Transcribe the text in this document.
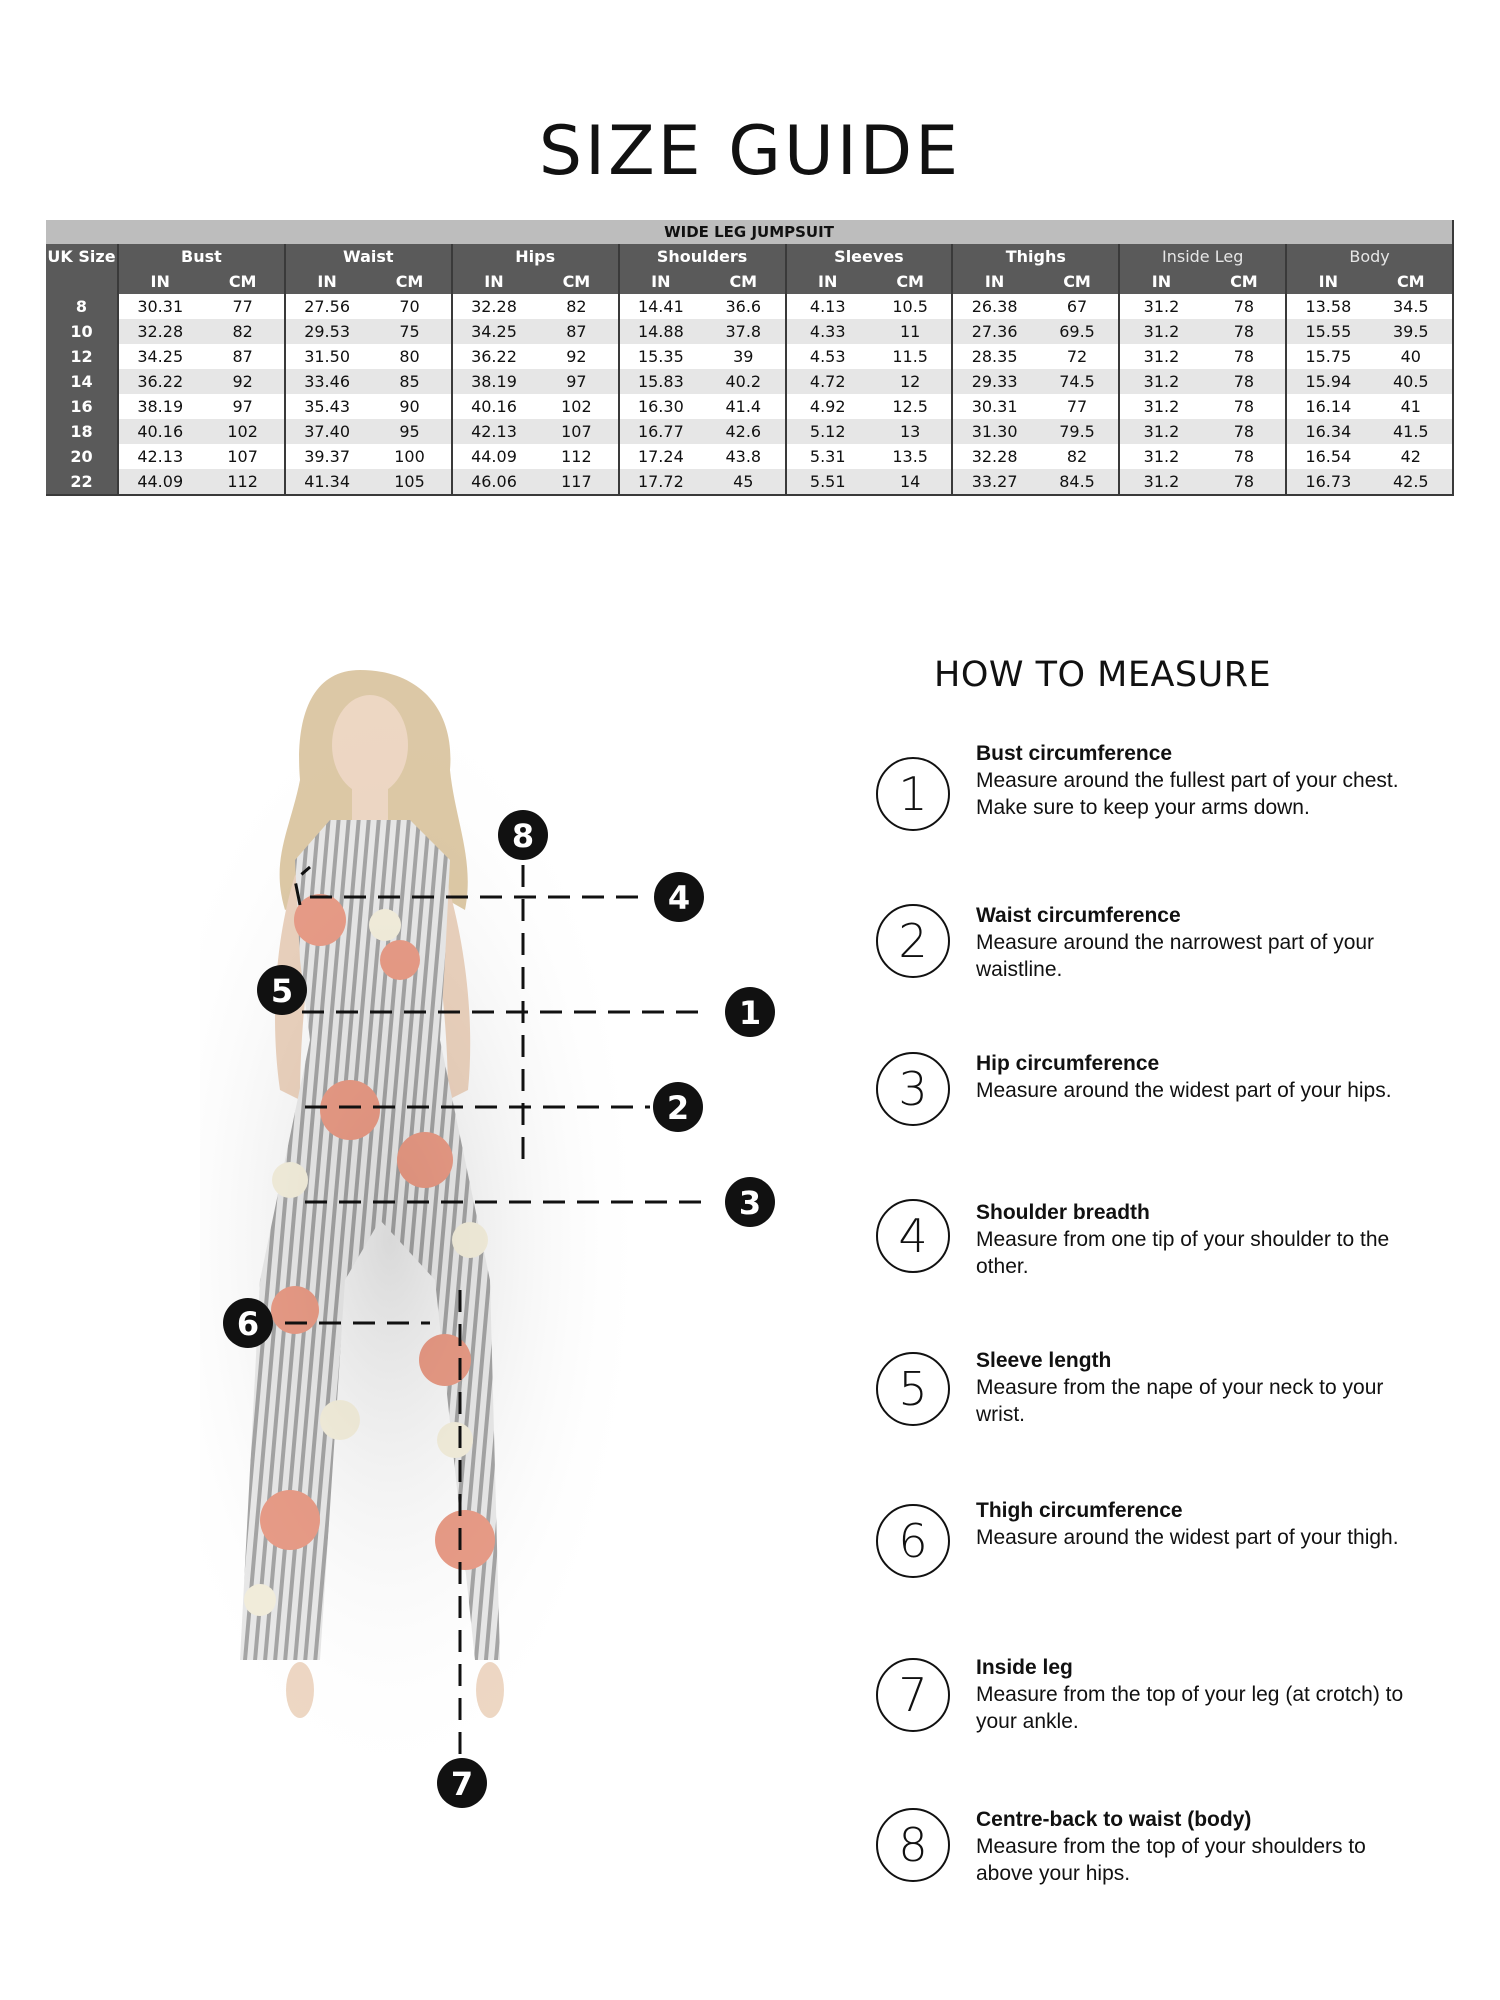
SIZE GUIDE
WIDE LEG JUMPSUIT																
UK Size	Bust		Waist		Hips		Shoulders		Sleeves		Thighs		Inside Leg		Body	
	IN	CM	IN	CM	IN	CM	IN	CM	IN	CM	IN	CM	IN	CM	IN	CM
8	30.31	77	27.56	70	32.28	82	14.41	36.6	4.13	10.5	26.38	67	31.2	78	13.58	34.5
10	32.28	82	29.53	75	34.25	87	14.88	37.8	4.33	11	27.36	69.5	31.2	78	15.55	39.5
12	34.25	87	31.50	80	36.22	92	15.35	39	4.53	11.5	28.35	72	31.2	78	15.75	40
14	36.22	92	33.46	85	38.19	97	15.83	40.2	4.72	12	29.33	74.5	31.2	78	15.94	40.5
16	38.19	97	35.43	90	40.16	102	16.30	41.4	4.92	12.5	30.31	77	31.2	78	16.14	41
18	40.16	102	37.40	95	42.13	107	16.77	42.6	5.12	13	31.30	79.5	31.2	78	16.34	41.5
20	42.13	107	39.37	100	44.09	112	17.24	43.8	5.31	13.5	32.28	82	31.2	78	16.54	42
22	44.09	112	41.34	105	46.06	117	17.72	45	5.51	14	33.27	84.5	31.2	78	16.73	42.5
1
2
3
4
5
6
7
8
HOW TO MEASURE
1
Bust circumference
Measure around the fullest part of your chest. Make sure to keep your arms down.
2	Waist circumference
Measure around the narrowest part of your waistline.
3	Hip circumference
Measure around the widest part of your hips.
4	Shoulder breadth
Measure from one tip of your shoulder to the other.
5
Sleeve length
Measure from the nape of your neck to your wrist.
6
Thigh circumference
Measure around the widest part of your thigh.
7
Inside leg
Measure from the top of your leg (at crotch) to your ankle.
8	Centre-back to waist (body)
Measure from the top of your shoulders to above your hips.
